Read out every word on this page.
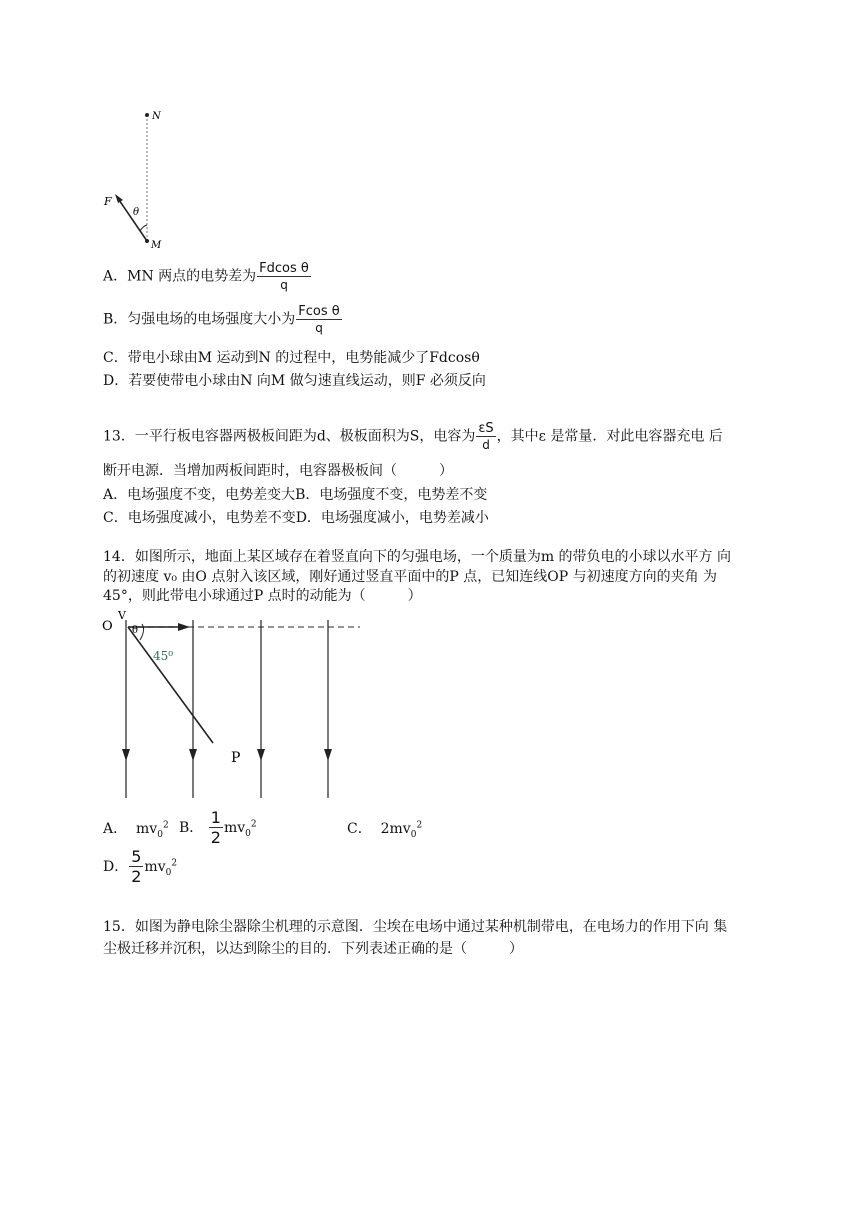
N
M
F
θ
A．MN 两点的电势差为 $\frac{\text{Fdcos θ}}{q}$
B．匀强电场的电场强度大小为 $\frac{\text{Fcos θ}}{q}$
C．带电小球由M 运动到N 的过程中，电势能减少了Fdcosθ
D．若要使带电小球由N 向M 做匀速直线运动，则F 必须反向
13．一平行板电容器两极板间距为d、极板面积为S，电容为 $\frac{\varepsilon S}{d}$ ，其中ε 是常量．对此电容器充电 后
断开电源．当增加两板间距时，电容器极板间（　　　）
A．电场强度不变，电势差变大B．电场强度不变，电势差不变
C．电场强度减小，电势差不变D．电场强度减小，电势差减小
14．如图所示，地面上某区域存在着竖直向下的匀强电场，一个质量为m 的带负电的小球以水平方 向
的初速度 v₀ 由O 点射入该区域，刚好通过竖直平面中的P 点，已知连线OP 与初速度方向的夹角 为
45°，则此带电小球通过P 点时的动能为（　　　）
O
V
θ
45⁰
P
A． $mv_0^2$ B． $\frac{1}{2} mv_0^2$	C． $2mv_0^2$
D． $\frac{5}{2} mv_0^2$
15．如图为静电除尘器除尘机理的示意图．尘埃在电场中通过某种机制带电，在电场力的作用下向 集
尘极迁移并沉积，以达到除尘的目的．下列表述正确的是（　　　）
